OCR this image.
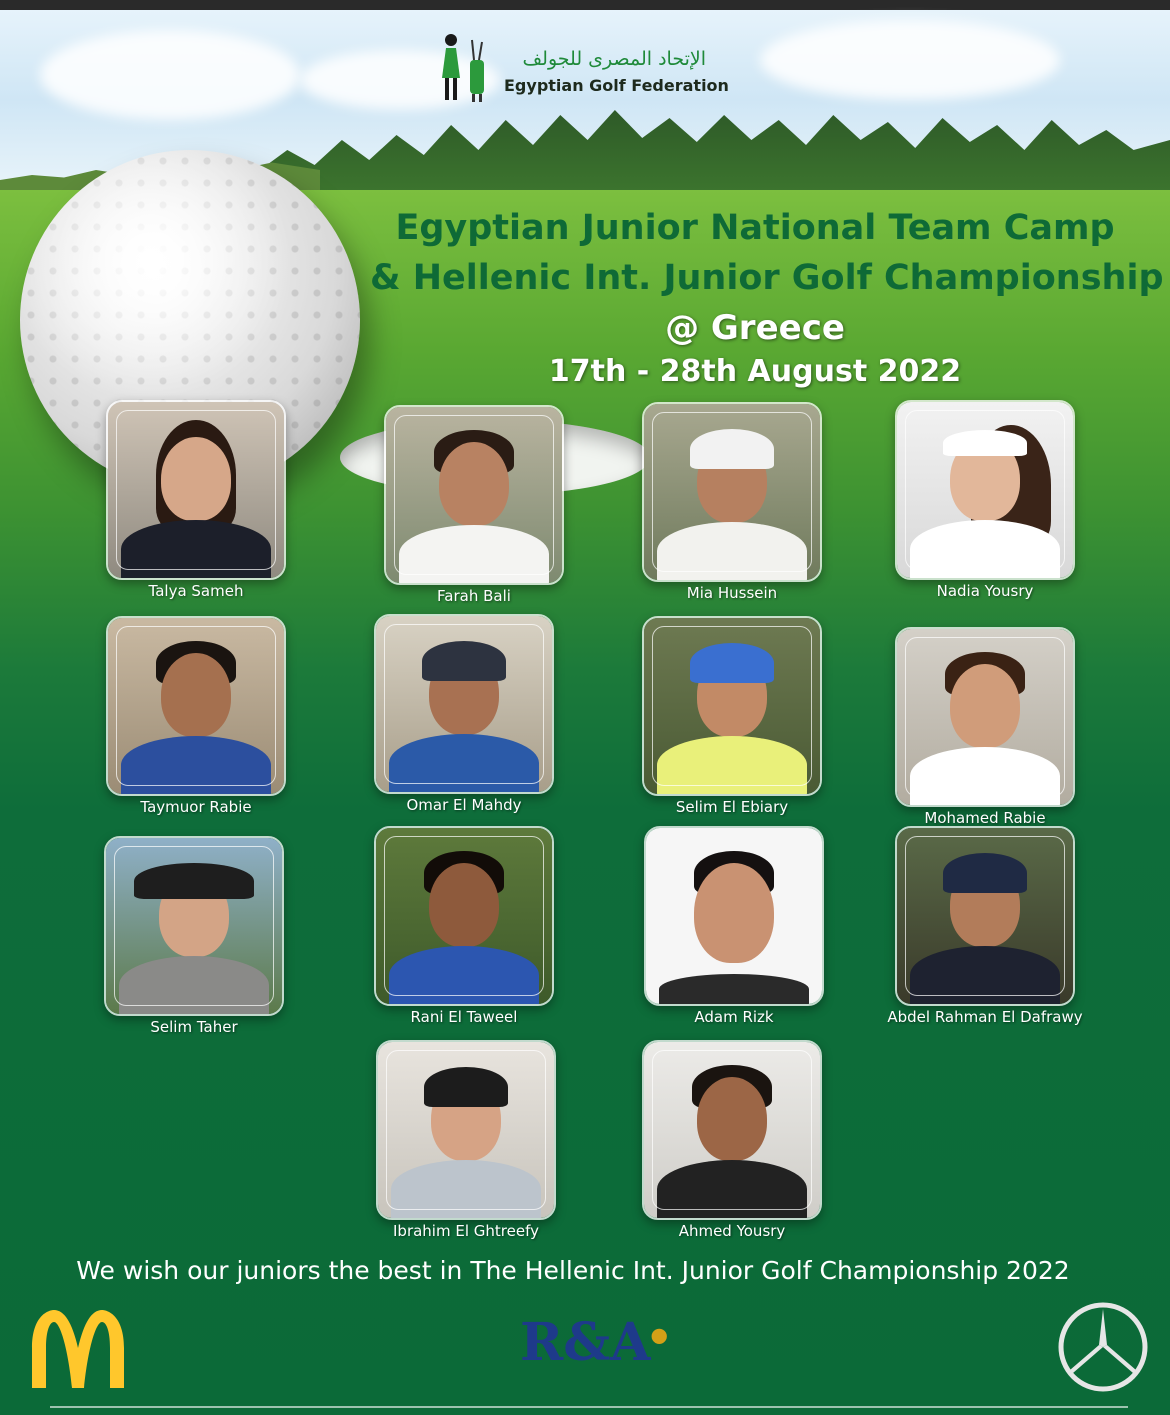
الإتحاد المصرى للجولف
Egyptian Golf Federation
Egyptian Junior National Team Camp
& Hellenic Int. Junior Golf Championship
@ Greece
17th - 28th August 2022
Talya Sameh	Farah Bali	Mia Hussein	Nadia Yousry
Taymuor Rabie	Omar El Mahdy	Selim El Ebiary
Mohamed Rabie
Selim Taher
Rani El Taweel	Adam Rizk	Abdel Rahman El Dafrawy
Ibrahim El Ghtreefy	Ahmed Yousry
We wish our juniors the best in The Hellenic Int. Junior Golf Championship 2022
R&A●
